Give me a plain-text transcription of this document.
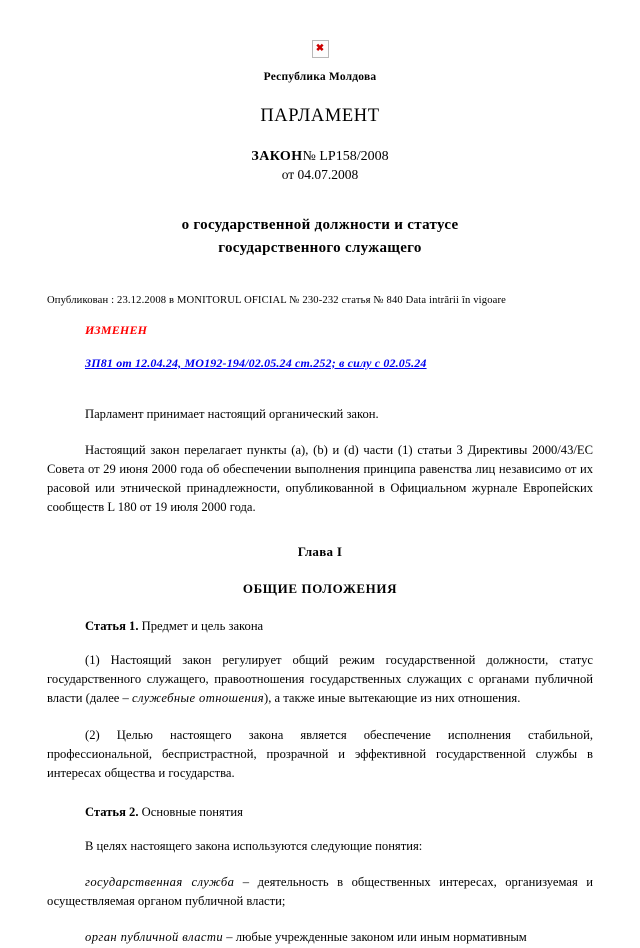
✖
Республика Молдова
ПАРЛАМЕНТ
ЗАКОН№ LP158/2008
от 04.07.2008
о государственной должности и статусе
государственного служащего
Опубликован : 23.12.2008 в MONITORUL OFICIAL № 230-232 статья № 840 Data intrării în vigoare
ИЗМЕНЕН
ЗП81 от 12.04.24, МО192-194/02.05.24 ст.252; в силу с 02.05.24

Парламент принимает настоящий органический закон.

Настоящий закон перелагает пункты (a), (b) и (d) части (1) статьи 3 Директивы 2000/43/EC Совета от 29 июня 2000 года об обеспечении выполнения принципа равенства лиц независимо от их расовой или этнической принадлежности, опубликованной в Официальном журнале Европейских сообществ L 180 от 19 июля 2000 года.

Глава I

ОБЩИЕ ПОЛОЖЕНИЯ

Статья 1. Предмет и цель закона

(1) Настоящий закон регулирует общий режим государственной должности, статус государственного служащего, правоотношения государственных служащих с органами публичной власти (далее – служебные отношения), а также иные вытекающие из них отношения.

(2) Целью настоящего закона является обеспечение исполнения стабильной, профессиональной, беспристрастной, прозрачной и эффективной государственной службы в интересах общества и государства.

Статья 2. Основные понятия

В целях настоящего закона используются следующие понятия:

государственная служба – деятельность в общественных интересах, организуемая и осуществляемая органом публичной власти;

орган публичной власти – любые учрежденные законом или иным нормативным
